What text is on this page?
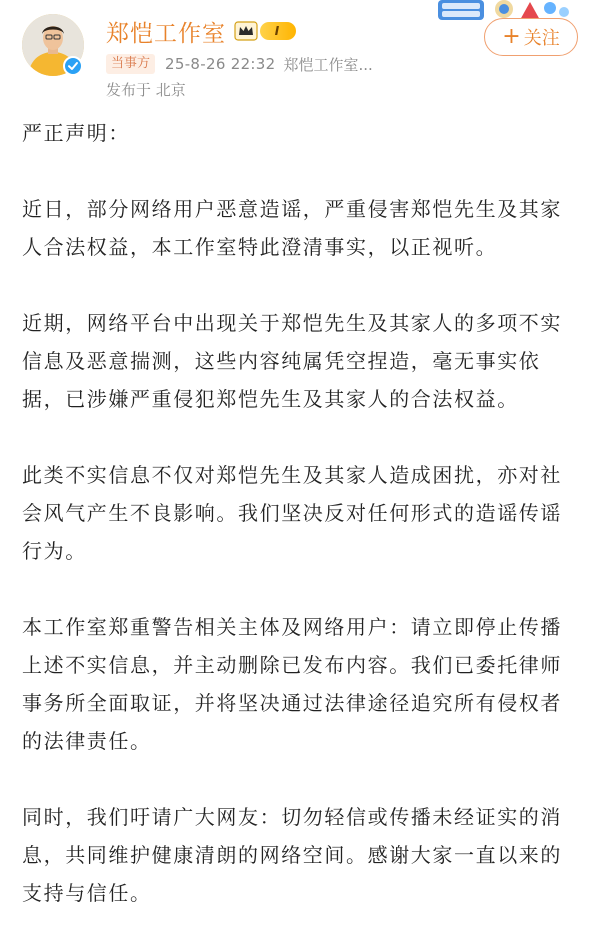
郑恺工作室	I
当事方	25-8-26 22:32 郑恺工作室...
发布于 北京
+ 关注

严正声明：

近日，部分网络用户恶意造谣，严重侵害郑恺先生及其家人合法权益，本工作室特此澄清事实，以正视听。

近期，网络平台中出现关于郑恺先生及其家人的多项不实信息及恶意揣测，这些内容纯属凭空捏造，毫无事实依据，已涉嫌严重侵犯郑恺先生及其家人的合法权益。

此类不实信息不仅对郑恺先生及其家人造成困扰，亦对社会风气产生不良影响。我们坚决反对任何形式的造谣传谣行为。

本工作室郑重警告相关主体及网络用户：请立即停止传播上述不实信息，并主动删除已发布内容。我们已委托律师事务所全面取证，并将坚决通过法律途径追究所有侵权者的法律责任。

同时，我们吁请广大网友：切勿轻信或传播未经证实的消息，共同维护健康清朗的网络空间。感谢大家一直以来的支持与信任。
